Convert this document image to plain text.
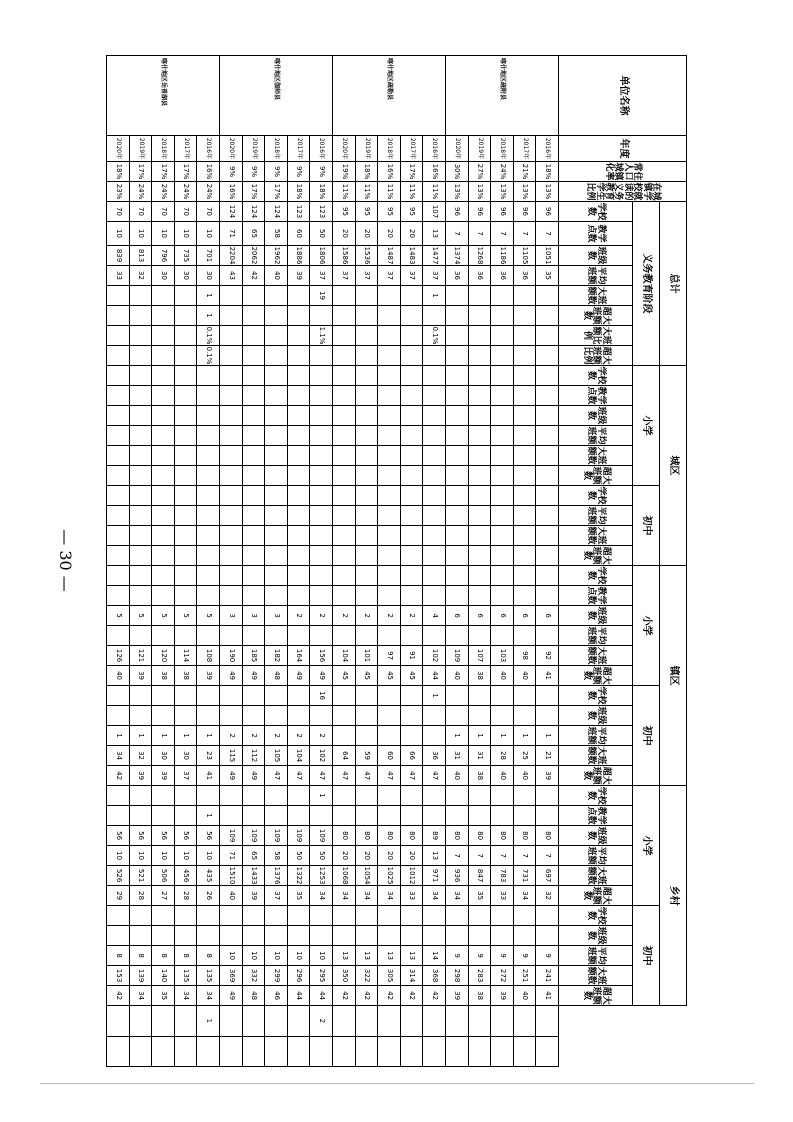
单位名称	年度	常住人口城镇化率	在城镇学校就读的义务教育学生比例	总计								城区										镇区											乡村												
				义务教育阶段								小学						初中				小学						初中					小学						初中						
				学校数	教学点数	班级数	平均班额	大班额数	超大班额数	大班额比例	超大班额比例	学校数	教学点数	班级数	平均班额	大班额数	超大班额数	学校数	平均班额	大班额数	超大班额数	学校数	教学点数	班级数	平均班额	大班额数	超大班额数	学校数	班级数	平均班额	大班额数	超大班额数	学校数	教学点数	班级数	平均班额	大班额数	超大班额数	学校数	班级数	平均班额	大班额数	超大班额数		

喀什地区疏附县	2016年	18%	13%	96	7	1051	35																	6		92	41			1	21	39			80	7	697	32			9	241	41		
	2017年	21%	13%	96	7	1105	36																	6		98	40			1	25	40			80	7	731	34			9	251	40		
	2018年	24%	13%	96	7	1186	36																	6		103	40			1	28	40			80	7	783	33			9	272	39		
	2019年	27%	13%	96	7	1268	36																	6		107	38			1	31	38			80	7	847	35			9	283	38		
	2020年	30%	13%	96	7	1374	36																	6		109	40			1	31	40			80	7	936	34			9	298	39		
喀什地区疏勒县	2016年	16%	11%	107	13	1477	37	1		0.1%														4		102	44	1			36	47			89	13	971	34			14	368	42		
	2017年	17%	11%	95	20	1483	37																	2		91	45				66	47			80	20	1012	33			13	314	42		
	2018年	16%	11%	95	20	1487	37																	2		97	45				60	47			80	20	1025	34			13	305	42		
	2019年	18%	11%	95	20	1536	37																	2		101	45				59	47			80	20	1054	34			13	322	42		
	2020年	19%	11%	95	20	1586	37																	2		104	45				64	47			80	20	1068	34			13	350	42		
喀什地区伽师县	2016年	9%	18%	123	50	1806	37	19		1.1%														2		156	49	16		2	102	47	1		109	50	1253	34			10	295	44	2	
	2017年	9%	18%	123	60	1886	39																	2		164	49			2	104	47			109	50	1322	35			10	296	44		
	2018年	9%	17%	124	58	1962	40																	3		182	48			2	105	47			109	58	1376	37			10	299	46		
	2019年	9%	17%	124	65	2062	42																	3		185	49			2	112	49			109	65	1433	39			10	332	48		
	2020年	9%	16%	124	71	2204	43																	3		190	49			2	115	49			109	71	1510	40			10	369	49		
喀什地区岳普湖县	2016年	16%	24%	70	10	701	30	1	1	0.1%	0.1%													5		108	39			1	23	41		1	56	10	435	26			8	135	34	1	
	2017年	17%	24%	70	10	735	30																	5		114	38			1	30	37			56	10	456	28			8	135	34		
	2018年	17%	24%	70	10	796	30																	5		120	38			1	30	39			56	10	506	27			8	140	35		
	2019年	17%	24%	70	10	813	32																	5		121	39			1	32	39			56	10	521	28			8	139	34		
	2020年	18%	23%	70	10	839	33																	5		126	40			1	34	42			56	10	526	29			8	153	42		
— 30 —
